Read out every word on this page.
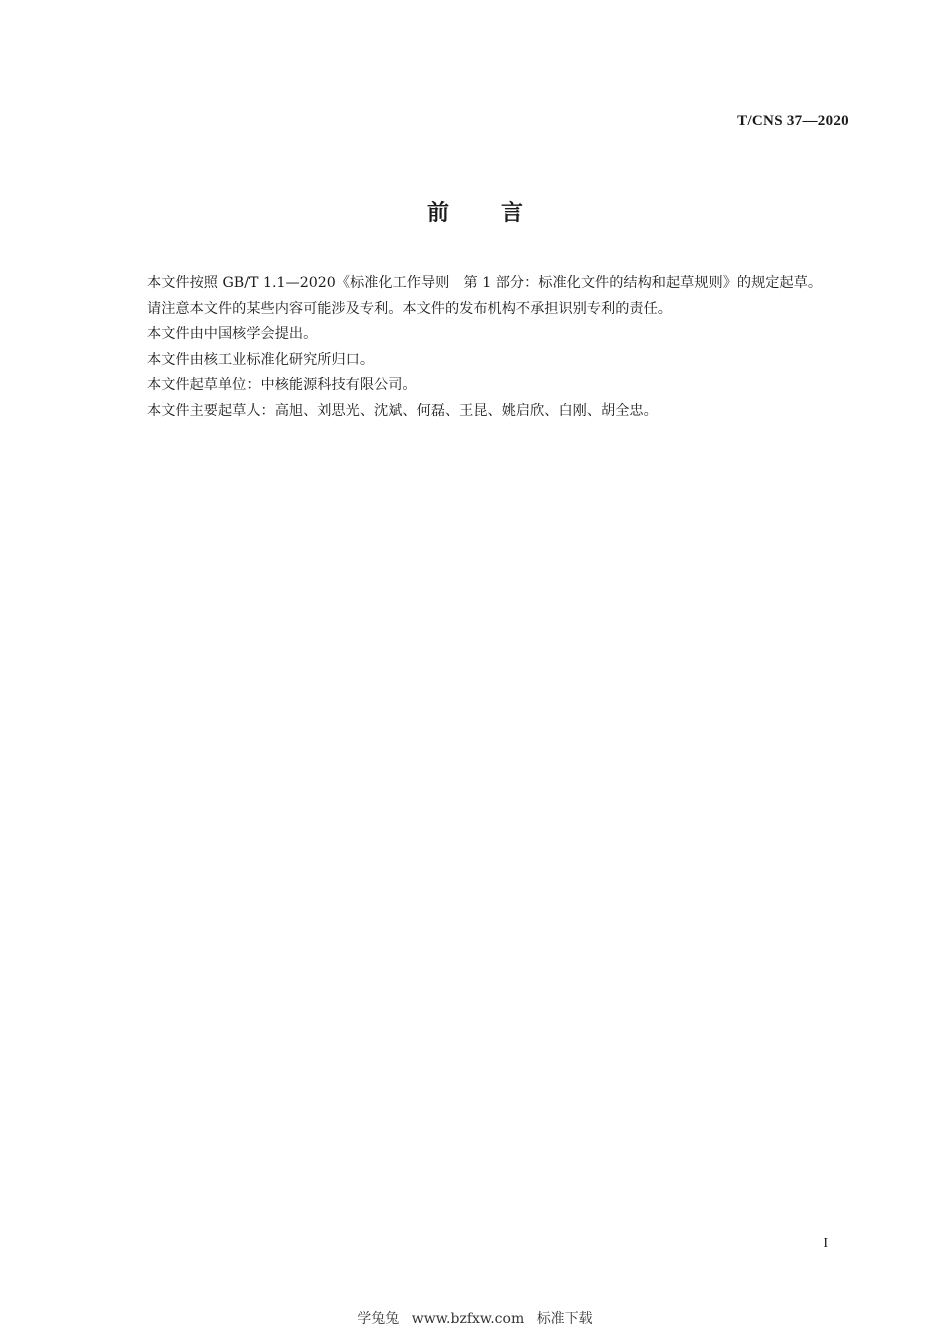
T/CNS 37—2020
前言

本文件按照 GB/T 1.1—2020《标准化工作导则　第 1 部分：标准化文件的结构和起草规则》的规定起草。

请注意本文件的某些内容可能涉及专利。本文件的发布机构不承担识别专利的责任。

本文件由中国核学会提出。

本文件由核工业标准化研究所归口。

本文件起草单位：中核能源科技有限公司。

本文件主要起草人：高旭、刘思光、沈斌、何磊、王昆、姚启欣、白刚、胡全忠。

I
学兔兔 www.bzfxw.com 标准下载
